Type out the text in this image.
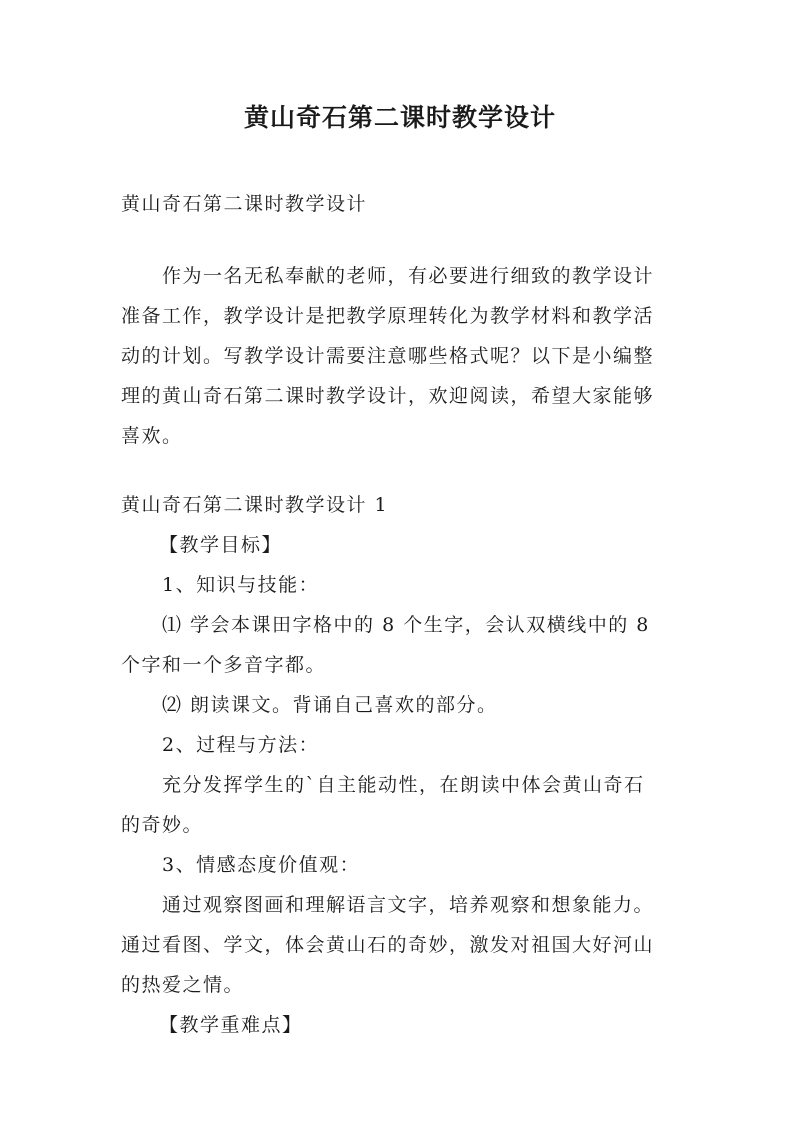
黄山奇石第二课时教学设计
黄山奇石第二课时教学设计
作为一名无私奉献的老师，有必要进行细致的教学设计
准备工作，教学设计是把教学原理转化为教学材料和教学活
动的计划。写教学设计需要注意哪些格式呢？以下是小编整
理的黄山奇石第二课时教学设计，欢迎阅读，希望大家能够
喜欢。
黄山奇石第二课时教学设计 1
【教学目标】
1、知识与技能：
⑴ 学会本课田字格中的 8 个生字，会认双横线中的 8
个字和一个多音字都。
⑵ 朗读课文。背诵自己喜欢的部分。
2、过程与方法：
充分发挥学生的`自主能动性，在朗读中体会黄山奇石
的奇妙。
3、情感态度价值观：
通过观察图画和理解语言文字，培养观察和想象能力。
通过看图、学文，体会黄山石的奇妙，激发对祖国大好河山
的热爱之情。
【教学重难点】
